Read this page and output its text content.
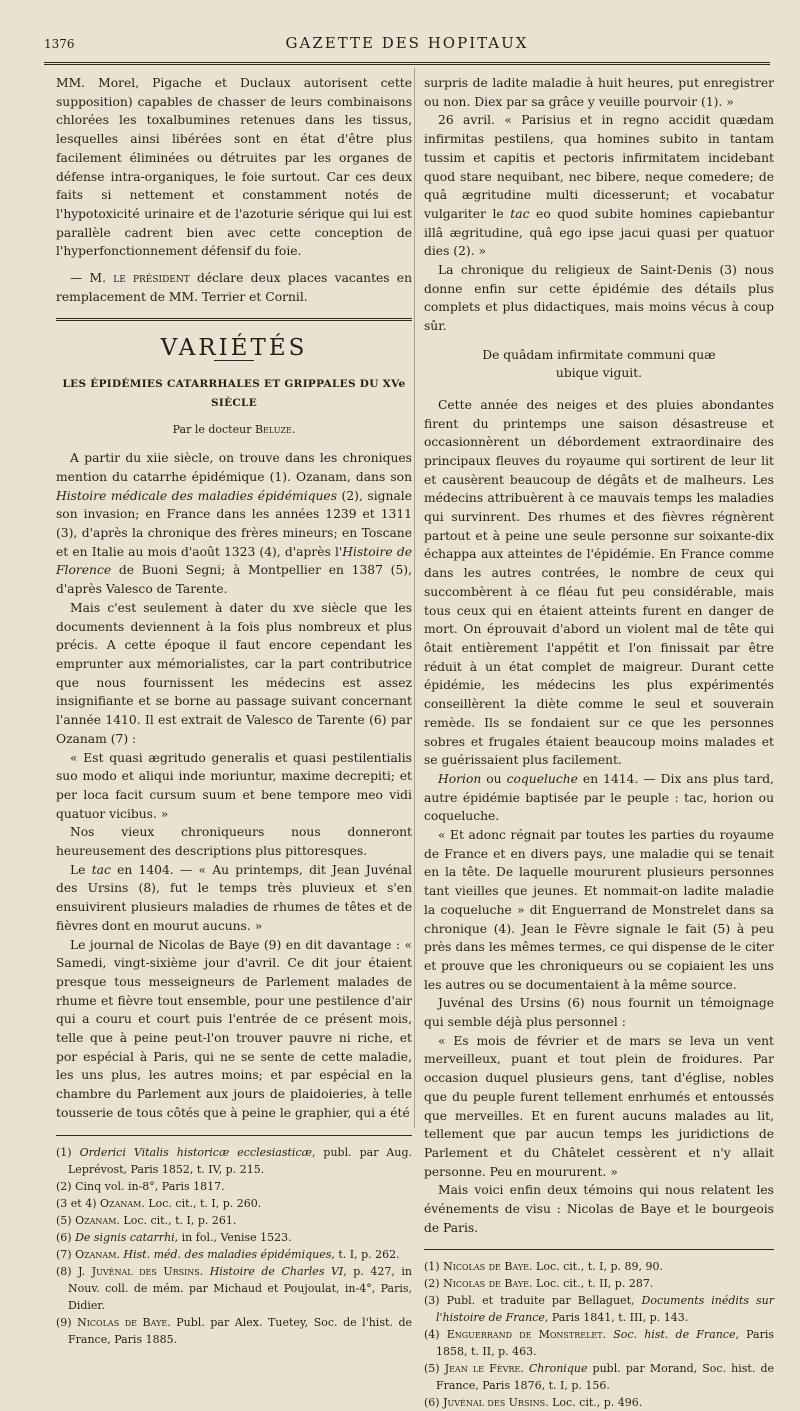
1376	GAZETTE DES HOPITAUX

MM. Morel, Pigache et Duclaux autorisent cette supposition) capables de chasser de leurs combinaisons chlorées les toxalbumines retenues dans les tissus, lesquelles ainsi libérées sont en état d'être plus facilement éliminées ou détruites par les organes de défense intra-organiques, le foie surtout. Car ces deux faits si nettement et constamment notés de l'hypotoxicité urinaire et de l'azoturie sérique qui lui est parallèle cadrent bien avec cette conception de l'hyperfonctionnement défensif du foie.

— M. le président déclare deux places vacantes en remplacement de MM. Terrier et Cornil.

VARIÉTÉS
LES ÉPIDÉMIES CATARRHALES ET GRIPPALES DU XVe SIÈCLE
Par le docteur Beluze.

A partir du xiie siècle, on trouve dans les chroniques mention du catarrhe épidémique (1). Ozanam, dans son Histoire médicale des maladies épidémiques (2), signale son invasion; en France dans les années 1239 et 1311 (3), d'après la chronique des frères mineurs; en Toscane et en Italie au mois d'août 1323 (4), d'après l'Histoire de Florence de Buoni Segni; à Montpellier en 1387 (5), d'après Valesco de Tarente.

Mais c'est seulement à dater du xve siècle que les documents deviennent à la fois plus nombreux et plus précis. A cette époque il faut encore cependant les emprunter aux mémorialistes, car la part contributrice que nous fournissent les médecins est assez insignifiante et se borne au passage suivant concernant l'année 1410. Il est extrait de Valesco de Tarente (6) par Ozanam (7) :

« Est quasi ægritudo generalis et quasi pestilentialis suo modo et aliqui inde moriuntur, maxime decrepiti; et per loca facit cursum suum et bene tempore meo vidi quatuor vicibus. »

Nos vieux chroniqueurs nous donneront heureusement des descriptions plus pittoresques.

Le tac en 1404. — « Au printemps, dit Jean Juvénal des Ursins (8), fut le temps très pluvieux et s'en ensuivirent plusieurs maladies de rhumes de têtes et de fièvres dont en mourut aucuns. »

Le journal de Nicolas de Baye (9) en dit davantage : « Samedi, vingt-sixième jour d'avril. Ce dit jour étaient presque tous messeigneurs de Parlement malades de rhume et fièvre tout ensemble, pour une pestilence d'air qui a couru et court puis l'entrée de ce présent mois, telle que à peine peut-l'on trouver pauvre ni riche, et por espécial à Paris, qui ne se sente de cette maladie, les uns plus, les autres moins; et par espécial en la chambre du Parlement aux jours de plaidoieries, à telle tousserie de tous côtés que à peine le graphier, qui a été

(1) Orderici Vitalis historicæ ecclesiasticæ, publ. par Aug. Leprévost, Paris 1852, t. IV, p. 215.

(2) Cinq vol. in-8°, Paris 1817.

(3 et 4) Ozanam. Loc. cit., t. I, p. 260.

(5) Ozanam. Loc. cit., t. I, p. 261.

(6) De signis catarrhi, in fol., Venise 1523.

(7) Ozanam. Hist. méd. des maladies épidémiques, t. I, p. 262.

(8) J. Juvénal des Ursins. Histoire de Charles VI, p. 427, in Nouv. coll. de mém. par Michaud et Poujoulat, in-4°, Paris, Didier.

(9) Nicolas de Baye. Publ. par Alex. Tuetey, Soc. de l'hist. de France, Paris 1885.

surpris de ladite maladie à huit heures, put enregistrer ou non. Diex par sa grâce y veuille pourvoir (1). »

26 avril. « Parisius et in regno accidit quædam infirmitas pestilens, qua homines subito in tantam tussim et capitis et pectoris infirmitatem incidebant quod stare nequibant, nec bibere, neque comedere; de quâ ægritudine multi dicesserunt; et vocabatur vulgariter le tac eo quod subite homines capiebantur illâ ægritudine, quâ ego ipse jacui quasi per quatuor dies (2). »

La chronique du religieux de Saint-Denis (3) nous donne enfin sur cette épidémie des détails plus complets et plus didactiques, mais moins vécus à coup sûr.

De quâdam infirmitate communi quæ
ubique viguit.

Cette année des neiges et des pluies abondantes firent du printemps une saison désastreuse et occasionnèrent un débordement extraordinaire des principaux fleuves du royaume qui sortirent de leur lit et causèrent beaucoup de dégâts et de malheurs. Les médecins attribuèrent à ce mauvais temps les maladies qui survinrent. Des rhumes et des fièvres régnèrent partout et à peine une seule personne sur soixante-dix échappa aux atteintes de l'épidémie. En France comme dans les autres contrées, le nombre de ceux qui succombèrent à ce fléau fut peu considérable, mais tous ceux qui en étaient atteints furent en danger de mort. On éprouvait d'abord un violent mal de tête qui ôtait entièrement l'appétit et l'on finissait par être réduit à un état complet de maigreur. Durant cette épidémie, les médecins les plus expérimentés conseillèrent la diète comme le seul et souverain remède. Ils se fondaient sur ce que les personnes sobres et frugales étaient beaucoup moins malades et se guérissaient plus facilement.

Horion ou coqueluche en 1414. — Dix ans plus tard, autre épidémie baptisée par le peuple : tac, horion ou coqueluche.

« Et adonc régnait par toutes les parties du royaume de France et en divers pays, une maladie qui se tenait en la tête. De laquelle moururent plusieurs personnes tant vieilles que jeunes. Et nommait-on ladite maladie la coqueluche » dit Enguerrand de Monstrelet dans sa chronique (4). Jean le Fèvre signale le fait (5) à peu près dans les mêmes termes, ce qui dispense de le citer et prouve que les chroniqueurs ou se copiaient les uns les autres ou se documentaient à la même source.

Juvénal des Ursins (6) nous fournit un témoignage qui semble déjà plus personnel :

« Es mois de février et de mars se leva un vent merveilleux, puant et tout plein de froidures. Par occasion duquel plusieurs gens, tant d'église, nobles que du peuple furent tellement enrhumés et entoussés que merveilles. Et en furent aucuns malades au lit, tellement que par aucun temps les juridictions de Parlement et du Châtelet cessèrent et n'y allait personne. Peu en moururent. »

Mais voici enfin deux témoins qui nous relatent les événements de visu : Nicolas de Baye et le bourgeois de Paris.

(1) Nicolas de Baye. Loc. cit., t. I, p. 89, 90.

(2) Nicolas de Baye. Loc. cit., t. II, p. 287.

(3) Publ. et traduite par Bellaguet, Documents inédits sur l'histoire de France, Paris 1841, t. III, p. 143.

(4) Enguerrand de Monstrelet. Soc. hist. de France, Paris 1858, t. II, p. 463.

(5) Jean le Fèvre. Chronique publ. par Morand, Soc. hist. de France, Paris 1876, t. I, p. 156.

(6) Juvénal des Ursins. Loc. cit., p. 496.
